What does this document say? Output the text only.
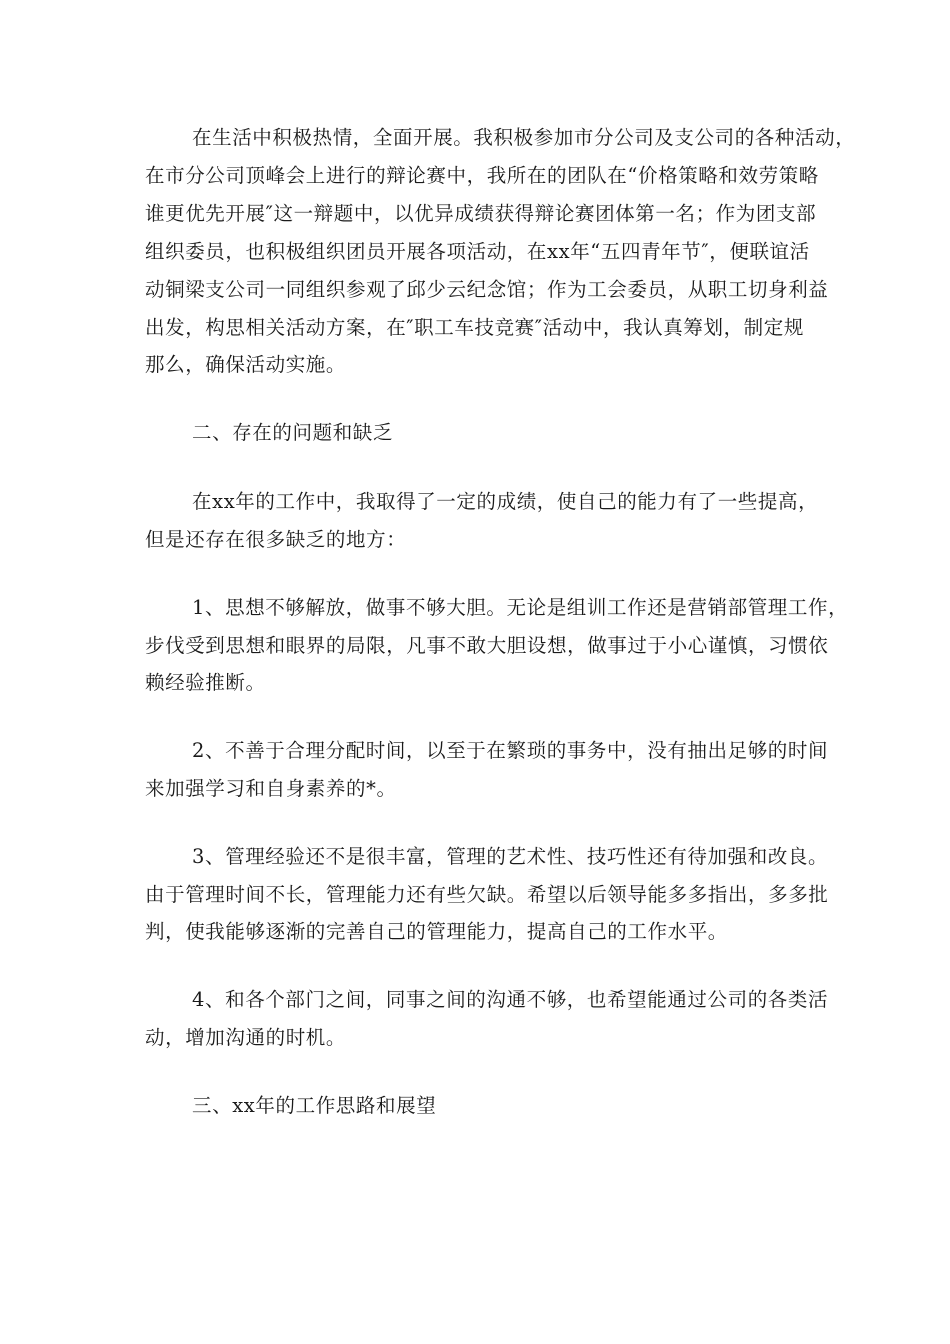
在生活中积极热情，全面开展。我积极参加市分公司及支公司的各种活动，
在市分公司顶峰会上进行的辩论赛中，我所在的团队在“价格策略和效劳策略
谁更优先开展″这一辩题中，以优异成绩获得辩论赛团体第一名；作为团支部
组织委员，也积极组织团员开展各项活动，在xx年“五四青年节″，便联谊活
动铜梁支公司一同组织参观了邱少云纪念馆；作为工会委员，从职工切身利益
出发，构思相关活动方案，在″职工车技竞赛″活动中，我认真筹划，制定规
那么，确保活动实施。
二、存在的问题和缺乏
在xx年的工作中，我取得了一定的成绩，使自己的能力有了一些提高，
但是还存在很多缺乏的地方：
1、思想不够解放，做事不够大胆。无论是组训工作还是营销部管理工作，
步伐受到思想和眼界的局限，凡事不敢大胆设想，做事过于小心谨慎，习惯依
赖经验推断。
2、不善于合理分配时间，以至于在繁琐的事务中，没有抽出足够的时间
来加强学习和自身素养的*。
3、管理经验还不是很丰富，管理的艺术性、技巧性还有待加强和改良。
由于管理时间不长，管理能力还有些欠缺。希望以后领导能多多指出，多多批
判，使我能够逐渐的完善自己的管理能力，提高自己的工作水平。
4、和各个部门之间，同事之间的沟通不够，也希望能通过公司的各类活
动，增加沟通的时机。
三、xx年的工作思路和展望
